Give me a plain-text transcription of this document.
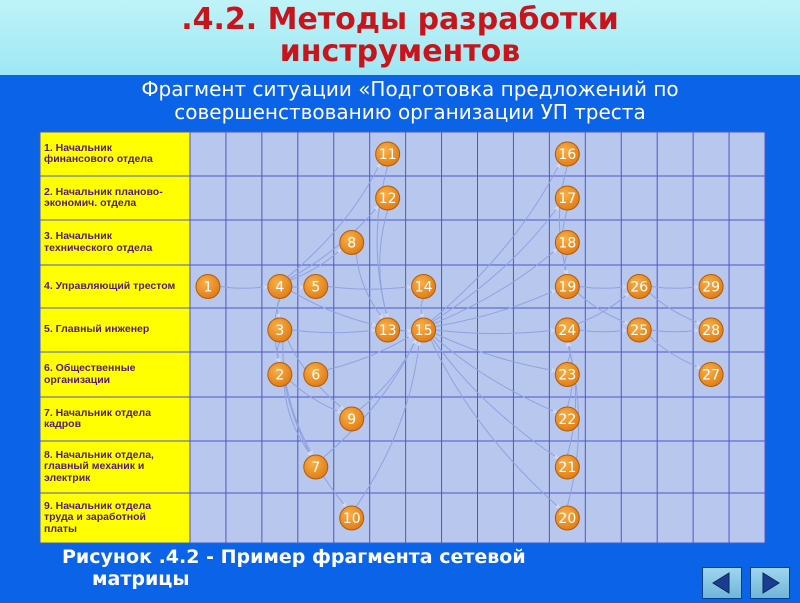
.4.2. Методы разработки
инструментов
Фрагмент ситуации «Подготовка предложений по
совершенствованию организации УП треста
1
2
3
4 5
6
7
8
9
10
11
12
13
14
15
16
17
18
19
20
21
22
23
24	25
26
27
28
29
1. Начальник финансового отдела
2. Начальник планово-экономич. отдела
3. Начальник технического отдела
4. Управляющий трестом
5. Главный инженер
6. Общественные организации
7. Начальник отдела кадров
8. Начальник отдела, главный механик и электрик
9. Начальник отдела труда и заработной платы
Рисунок .4.2 - Пример фрагмента сетевой
матрицы
